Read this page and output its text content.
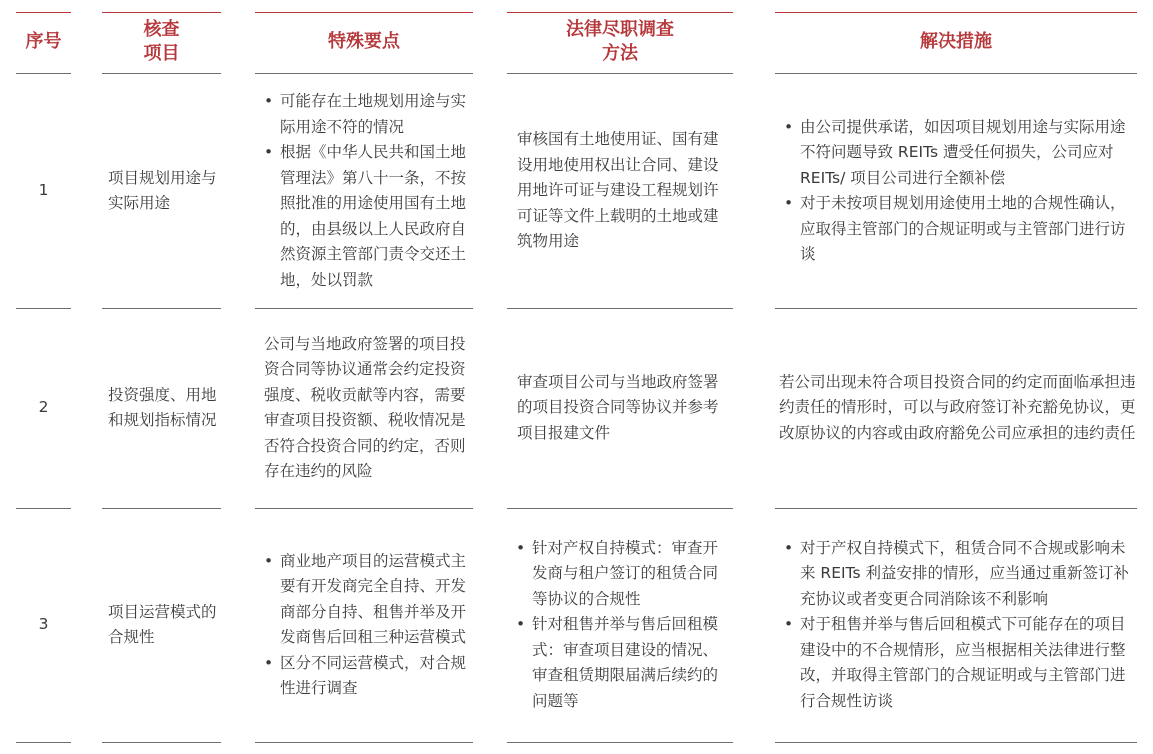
序号
核查
项目
特殊要点
法律尽职调查
方法
解决措施
1
项目规划用途与实际用途
• 可能存在土地规划用途与实际用途不符的情况
• 根据《中华人民共和国土地管理法》第八十一条，不按照批准的用途使用国有土地的，由县级以上人民政府自然资源主管部门责令交还土地，处以罚款
审核国有土地使用证、国有建设用地使用权出让合同、建设用地许可证与建设工程规划许可证等文件上载明的土地或建筑物用途
• 由公司提供承诺，如因项目规划用途与实际用途不符问题导致 REITs 遭受任何损失，公司应对 REITs/ 项目公司进行全额补偿
• 对于未按项目规划用途使用土地的合规性确认，应取得主管部门的合规证明或与主管部门进行访谈
2
投资强度、用地和规划指标情况
公司与当地政府签署的项目投资合同等协议通常会约定投资强度、税收贡献等内容，需要审查项目投资额、税收情况是否符合投资合同的约定，否则存在违约的风险
审查项目公司与当地政府签署的项目投资合同等协议并参考项目报建文件
若公司出现未符合项目投资合同的约定而面临承担违约责任的情形时，可以与政府签订补充豁免协议，更改原协议的内容或由政府豁免公司应承担的违约责任
3
项目运营模式的合规性
• 商业地产项目的运营模式主要有开发商完全自持、开发商部分自持、租售并举及开发商售后回租三种运营模式
• 区分不同运营模式，对合规性进行调查
• 针对产权自持模式：审查开发商与租户签订的租赁合同等协议的合规性
• 针对租售并举与售后回租模式：审查项目建设的情况、审查租赁期限届满后续约的问题等
• 对于产权自持模式下，租赁合同不合规或影响未来 REITs 利益安排的情形，应当通过重新签订补充协议或者变更合同消除该不利影响
• 对于租售并举与售后回租模式下可能存在的项目建设中的不合规情形，应当根据相关法律进行整改，并取得主管部门的合规证明或与主管部门进行合规性访谈
